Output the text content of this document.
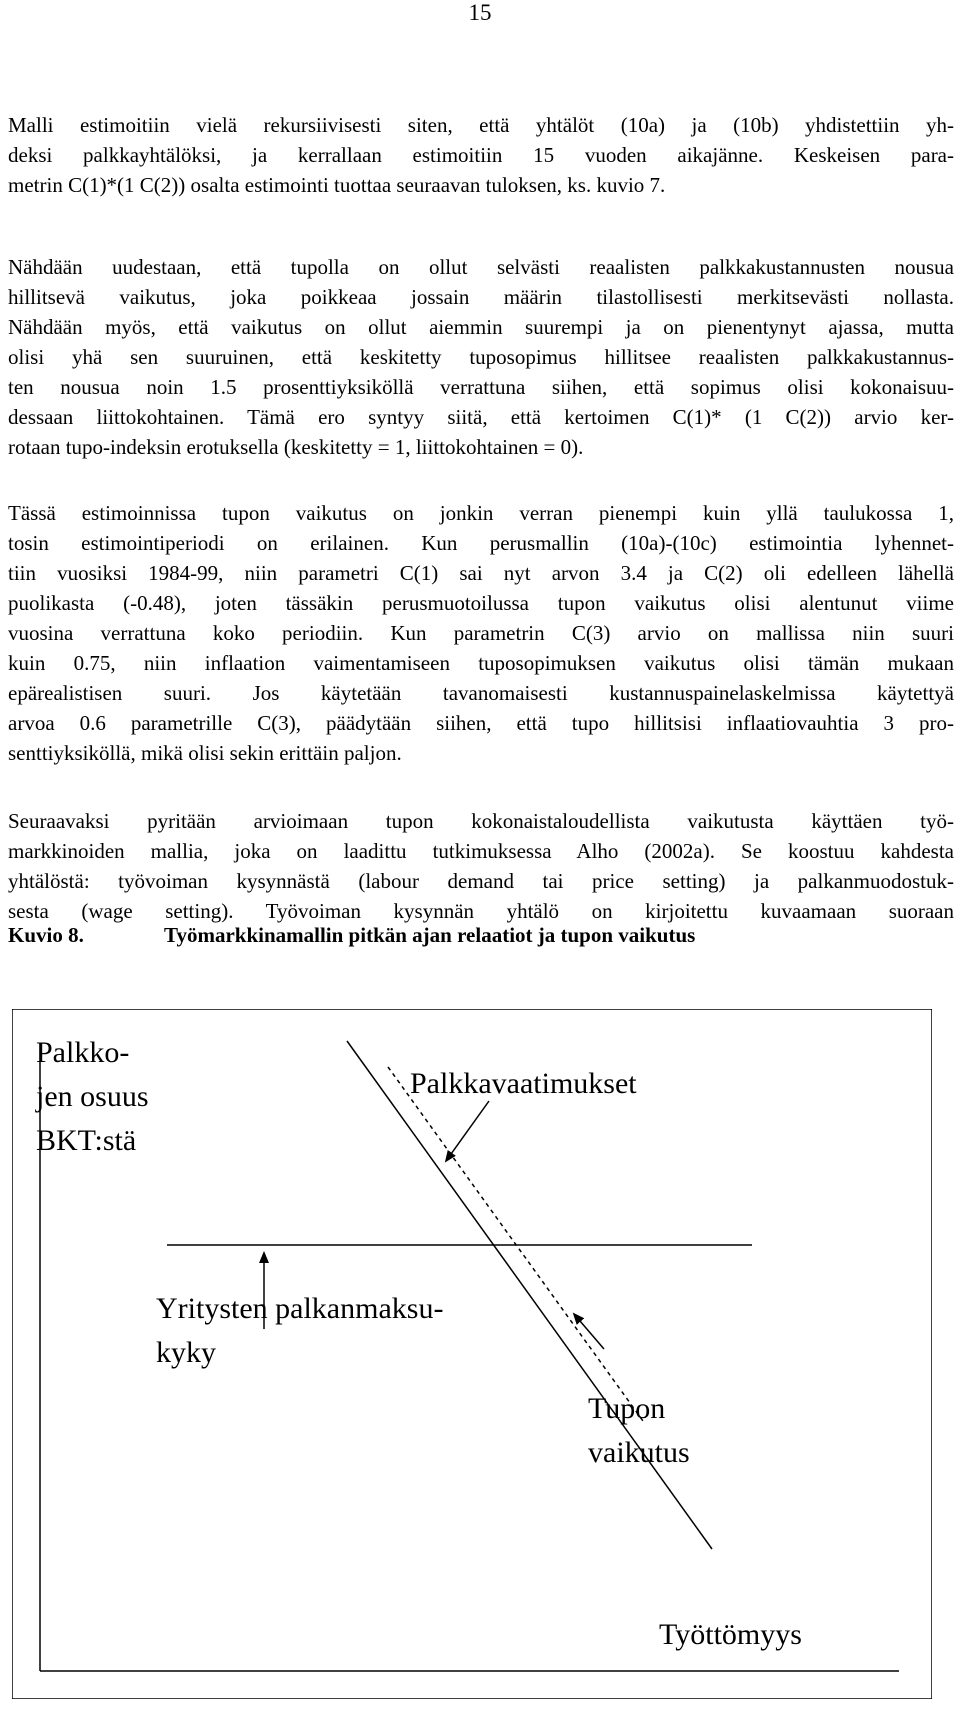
15
Malli estimoitiin vielä rekursiivisesti siten, että yhtälöt (10a) ja (10b) yhdistettiin yh-
deksi palkkayhtälöksi, ja kerrallaan estimoitiin 15 vuoden aikajänne. Keskeisen para-
metrin C(1)*(1 C(2)) osalta estimointi tuottaa seuraavan tuloksen, ks. kuvio 7.
Nähdään uudestaan, että tupolla on ollut selvästi reaalisten palkkakustannusten nousua
hillitsevä vaikutus, joka poikkeaa jossain määrin tilastollisesti merkitsevästi nollasta.
Nähdään myös, että vaikutus on ollut aiemmin suurempi ja on pienentynyt ajassa, mutta
olisi yhä sen suuruinen, että keskitetty tuposopimus hillitsee reaalisten palkkakustannus-
ten nousua noin 1.5 prosenttiyksiköllä verrattuna siihen, että sopimus olisi kokonaisuu-
dessaan liittokohtainen. Tämä ero syntyy siitä, että kertoimen C(1)* (1 C(2)) arvio ker-
rotaan tupo-indeksin erotuksella (keskitetty = 1, liittokohtainen = 0).
Tässä estimoinnissa tupon vaikutus on jonkin verran pienempi kuin yllä taulukossa 1,
tosin estimointiperiodi on erilainen. Kun perusmallin (10a)-(10c) estimointia lyhennet-
tiin vuosiksi 1984-99, niin parametri C(1) sai nyt arvon 3.4 ja C(2) oli edelleen lähellä
puolikasta (-0.48), joten tässäkin perusmuotoilussa tupon vaikutus olisi alentunut viime
vuosina verrattuna koko periodiin. Kun parametrin C(3) arvio on mallissa niin suuri
kuin 0.75, niin inflaation vaimentamiseen tuposopimuksen vaikutus olisi tämän mukaan
epärealistisen suuri. Jos käytetään tavanomaisesti kustannuspainelaskelmissa käytettyä
arvoa 0.6 parametrille C(3), päädytään siihen, että tupo hillitsisi inflaatiovauhtia 3 pro-
senttiyksiköllä, mikä olisi sekin erittäin paljon.
Seuraavaksi pyritään arvioimaan tupon kokonaistaloudellista vaikutusta käyttäen työ-
markkinoiden mallia, joka on laadittu tutkimuksessa Alho (2002a). Se koostuu kahdesta
yhtälöstä: työvoiman kysynnästä (labour demand tai price setting) ja palkanmuodostuk-
sesta (wage setting). Työvoiman kysynnän yhtälö on kirjoitettu kuvaamaan suoraan
Kuvio 8.	Työmarkkinamallin pitkän ajan relaatiot ja tupon vaikutus
Palkko-
jen osuus
BKT:stä
Palkkavaatimukset
Yritysten palkanmaksu-
kyky
Tupon
vaikutus
Työttömyys
